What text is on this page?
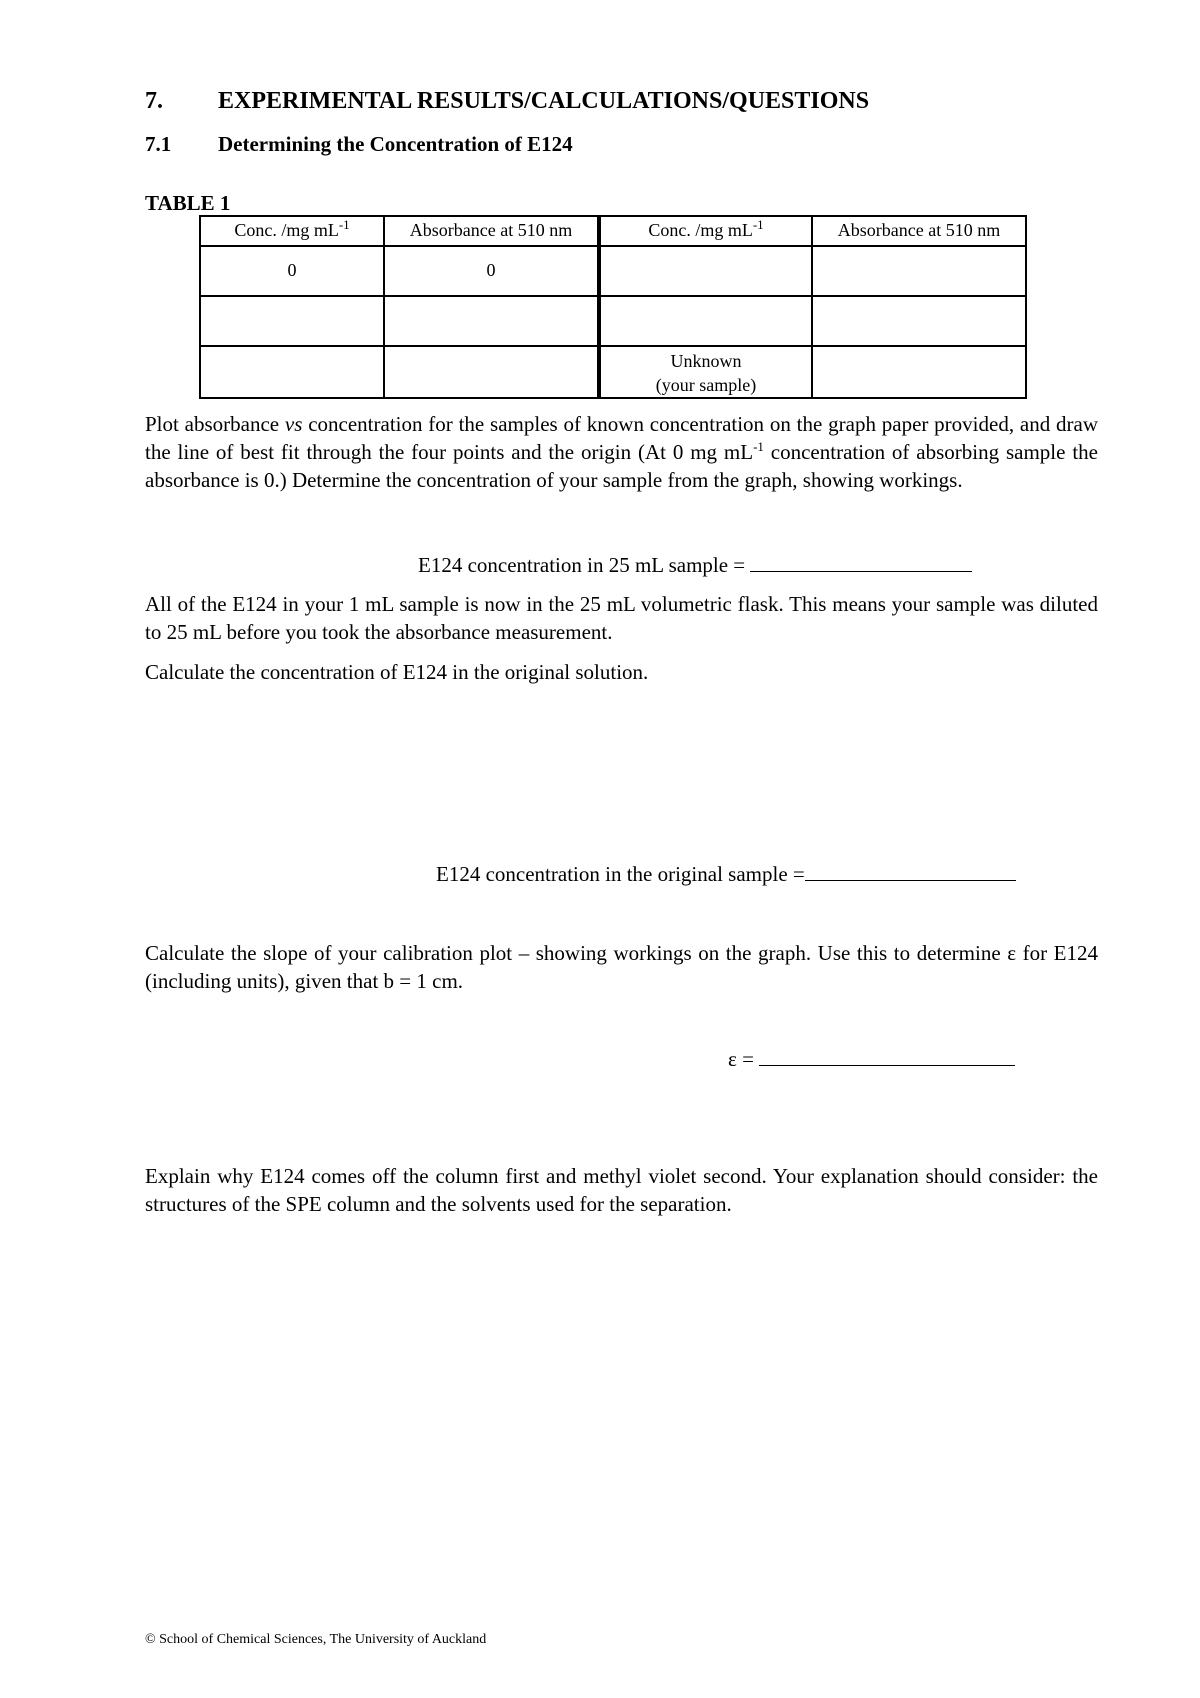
7. EXPERIMENTAL RESULTS/CALCULATIONS/QUESTIONS
7.1 Determining the Concentration of E124
TABLE 1
Conc. /mg $mL^{-1}$	Absorbance at 510 nm	Conc. /mg $mL^{-1}$	Absorbance at 510 nm
0	0		

		Unknown
(your sample)	
Plot absorbance vs concentration for the samples of known concentration on the graph paper provided, and draw the line of best fit through the four points and the origin (At 0 mg $mL^{-1}$ concentration of absorbing sample the absorbance is 0.) Determine the concentration of your sample from the graph, showing workings.
E124 concentration in 25 mL sample =
All of the E124 in your 1 mL sample is now in the 25 mL volumetric flask. This means your sample was diluted to 25 mL before you took the absorbance measurement.
Calculate the concentration of E124 in the original solution.
E124 concentration in the original sample =
Calculate the slope of your calibration plot – showing workings on the graph. Use this to determine ε for E124 (including units), given that b = 1 cm.
ε =
Explain why E124 comes off the column first and methyl violet second. Your explanation should consider: the structures of the SPE column and the solvents used for the separation.
© School of Chemical Sciences, The University of Auckland
